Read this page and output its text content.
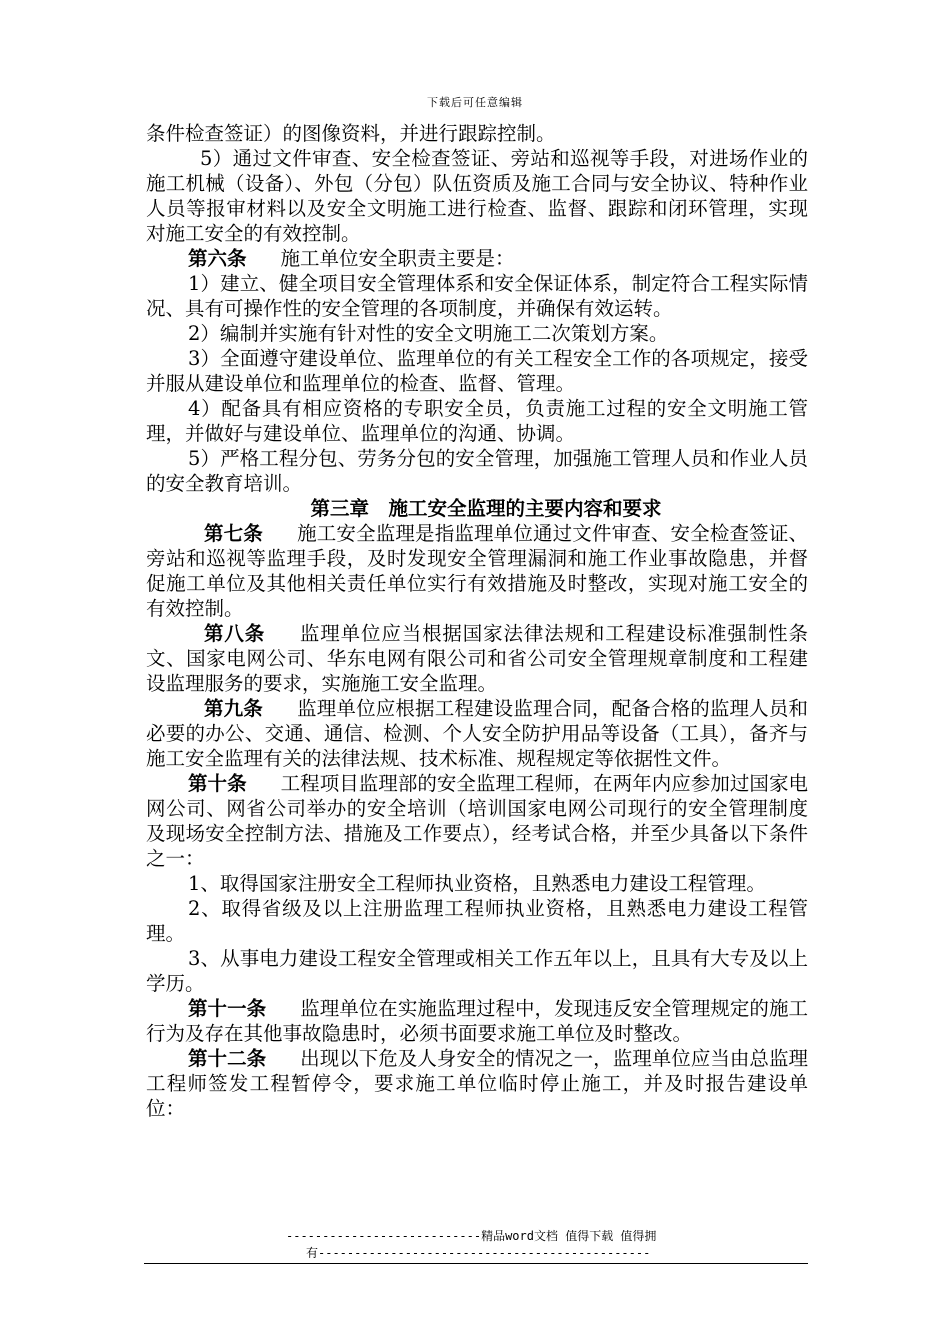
下载后可任意编辑

条件检查签证）的图像资料，并进行跟踪控制。

5）通过文件审查、安全检查签证、旁站和巡视等手段，对进场作业的施工机械（设备）、外包（分包）队伍资质及施工合同与安全协议、特种作业人员等报审材料以及安全文明施工进行检查、监督、跟踪和闭环管理，实现对施工安全的有效控制。

第六条 施工单位安全职责主要是：

1）建立、健全项目安全管理体系和安全保证体系，制定符合工程实际情况、具有可操作性的安全管理的各项制度，并确保有效运转。

2）编制并实施有针对性的安全文明施工二次策划方案。

3）全面遵守建设单位、监理单位的有关工程安全工作的各项规定，接受并服从建设单位和监理单位的检查、监督、管理。

4）配备具有相应资格的专职安全员，负责施工过程的安全文明施工管理，并做好与建设单位、监理单位的沟通、协调。

5）严格工程分包、劳务分包的安全管理，加强施工管理人员和作业人员的安全教育培训。

第三章　施工安全监理的主要内容和要求

第七条 施工安全监理是指监理单位通过文件审查、安全检查签证、旁站和巡视等监理手段，及时发现安全管理漏洞和施工作业事故隐患，并督促施工单位及其他相关责任单位实行有效措施及时整改，实现对施工安全的有效控制。

第八条 监理单位应当根据国家法律法规和工程建设标准强制性条文、国家电网公司、华东电网有限公司和省公司安全管理规章制度和工程建设监理服务的要求，实施施工安全监理。

第九条 监理单位应根据工程建设监理合同，配备合格的监理人员和必要的办公、交通、通信、检测、个人安全防护用品等设备（工具），备齐与施工安全监理有关的法律法规、技术标准、规程规定等依据性文件。

第十条 工程项目监理部的安全监理工程师，在两年内应参加过国家电网公司、网省公司举办的安全培训（培训国家电网公司现行的安全管理制度及现场安全控制方法、措施及工作要点），经考试合格，并至少具备以下条件之一：

1、取得国家注册安全工程师执业资格，且熟悉电力建设工程管理。

2、取得省级及以上注册监理工程师执业资格，且熟悉电力建设工程管理。

3、从事电力建设工程安全管理或相关工作五年以上，且具有大专及以上学历。

第十一条 监理单位在实施监理过程中，发现违反安全管理规定的施工行为及存在其他事故隐患时，必须书面要求施工单位及时整改。

第十二条 出现以下危及人身安全的情况之一，监理单位应当由总监理工程师签发工程暂停令，要求施工单位临时停止施工，并及时报告建设单位：

---------------------------精品word文档 值得下载 值得拥
有----------------------------------------------
